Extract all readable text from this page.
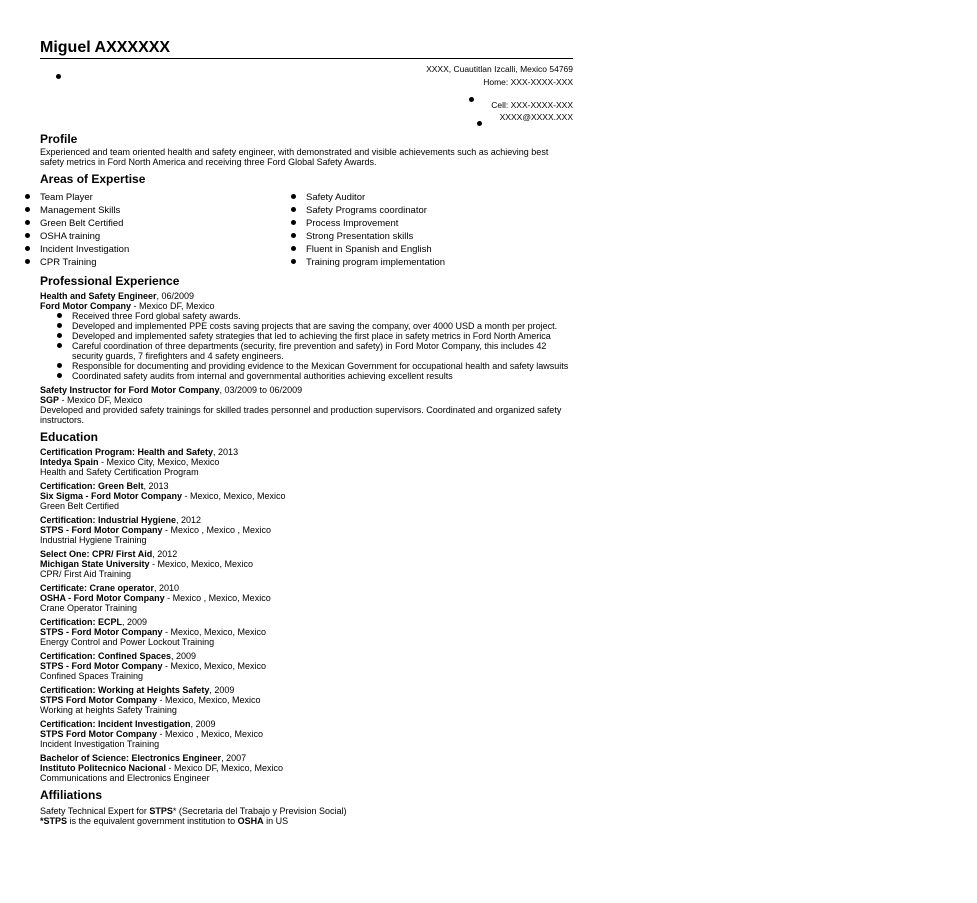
Miguel AXXXXXX
XXXX, Cuautitlan Izcalli, Mexico 54769
Home: XXX-XXXX-XXX
Cell: XXX-XXXX-XXX
XXXX@XXXX.XXX
Profile

Experienced and team oriented health and safety engineer, with demonstrated and visible achievements such as achieving best safety metrics in Ford North America and receiving three Ford Global Safety Awards.

Areas of Expertise
Team Player
Management Skills
Green Belt Certified
OSHA training
Incident Investigation
CPR Training
Safety Auditor
Safety Programs coordinator
Process Improvement
Strong Presentation skills
Fluent in Spanish and English
Training program implementation
Professional Experience
Health and Safety Engineer, 06/2009
Ford Motor Company - Mexico DF, Mexico
Received three Ford global safety awards.
Developed and implemented PPE costs saving projects that are saving the company, over 4000 USD a month per project.
Developed and implemented safety strategies that led to achieving the first place in safety metrics in Ford North America
Careful coordination of three departments (security, fire prevention and safety) in Ford Motor Company, this includes 42 security guards, 7 firefighters and 4 safety engineers.
Responsible for documenting and providing evidence to the Mexican Government for occupational health and safety lawsuits
Coordinated safety audits from internal and governmental authorities achieving excellent results
Safety Instructor for Ford Motor Company, 03/2009 to 06/2009
SGP - Mexico DF, Mexico

Developed and provided safety trainings for skilled trades personnel and production supervisors. Coordinated and organized safety instructors.

Education
Certification Program: Health and Safety, 2013
Intedya Spain - Mexico City, Mexico, Mexico
Health and Safety Certification Program
Certification: Green Belt, 2013
Six Sigma - Ford Motor Company - Mexico, Mexico, Mexico
Green Belt Certified
Certification: Industrial Hygiene, 2012
STPS - Ford Motor Company - Mexico , Mexico , Mexico
Industrial Hygiene Training
Select One: CPR/ First Aid, 2012
Michigan State University - Mexico, Mexico, Mexico
CPR/ First Aid Training
Certificate: Crane operator, 2010
OSHA - Ford Motor Company - Mexico , Mexico, Mexico
Crane Operator Training
Certification: ECPL, 2009
STPS - Ford Motor Company - Mexico, Mexico, Mexico
Energy Control and Power Lockout Training
Certification: Confined Spaces, 2009
STPS - Ford Motor Company - Mexico, Mexico, Mexico
Confined Spaces Training
Certification: Working at Heights Safety, 2009
STPS Ford Motor Company - Mexico, Mexico, Mexico
Working at heights Safety Training
Certification: Incident Investigation, 2009
STPS Ford Motor Company - Mexico , Mexico, Mexico
Incident Investigation Training
Bachelor of Science: Electronics Engineer, 2007
Instituto Politecnico Nacional - Mexico DF, Mexico, Mexico
Communications and Electronics Engineer
Affiliations

Safety Technical Expert for STPS* (Secretaria del Trabajo y Prevision Social)

*STPS is the equivalent government institution to OSHA in US
